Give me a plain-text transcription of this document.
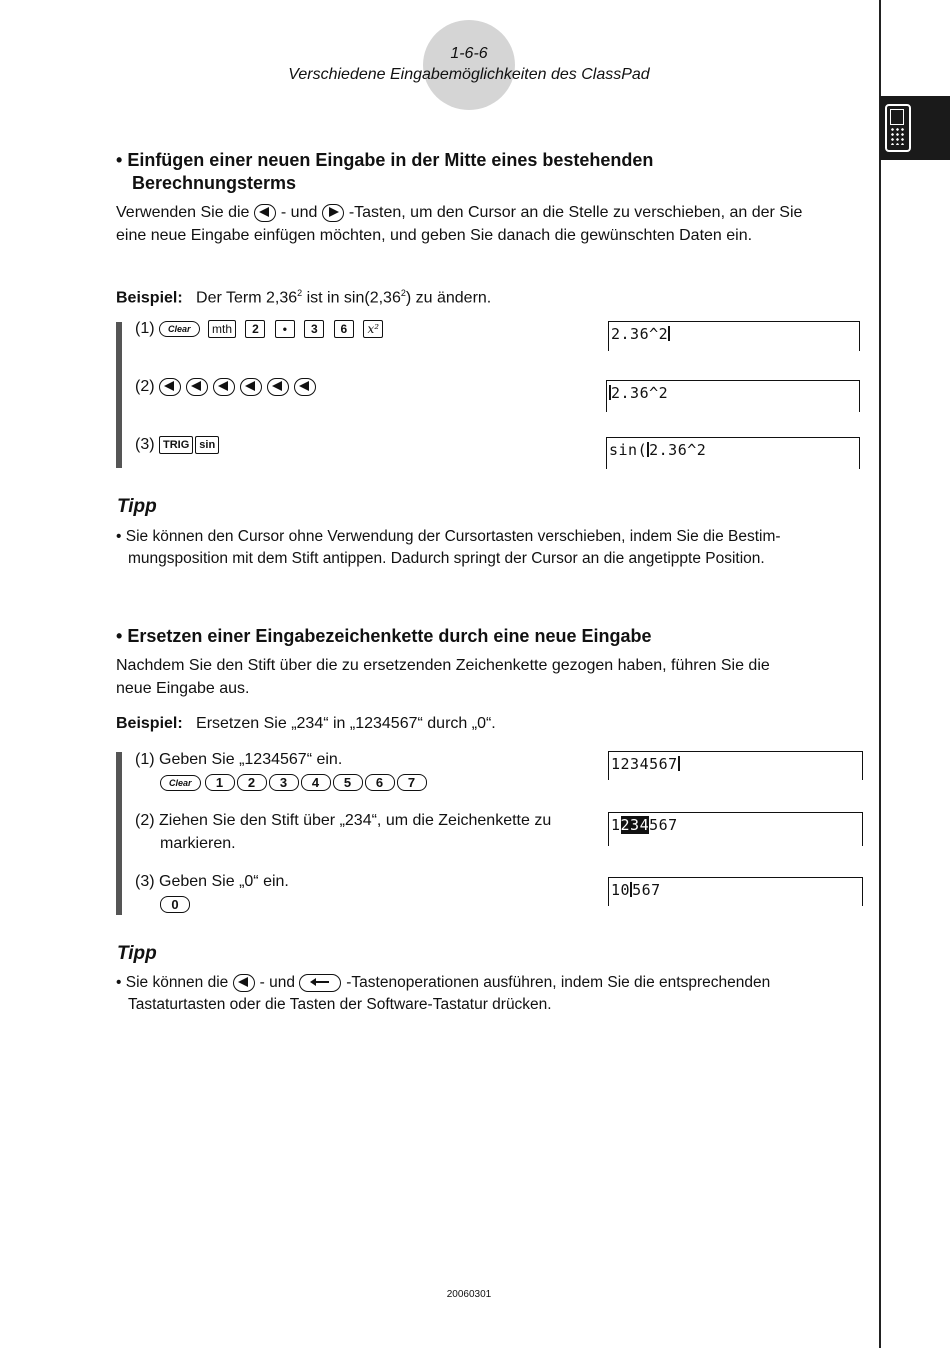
1-6-6
Verschiedene Eingabemöglichkeiten des ClassPad
• Einfügen einer neuen Eingabe in der Mitte eines bestehenden
Berechnungsterms
Verwenden Sie die - und -Tasten, um den Cursor an die Stelle zu verschieben, an der Sie
eine neue Eingabe einfügen möchten, und geben Sie danach die gewünschten Daten ein.
Beispiel: Der Term 2,36$^2$ ist in sin(2,36$^2$) zu ändern.
(1) Clear mth 2 • 3 6 𝑥²	2.36^2
(2)	2.36^2
(3) TRIG sin	sin( 2.36^2
Tipp
• Sie können den Cursor ohne Verwendung der Cursortasten verschieben, indem Sie die Bestim-
mungsposition mit dem Stift antippen. Dadurch springt der Cursor an die angetippte Position.
• Ersetzen einer Eingabezeichenkette durch eine neue Eingabe
Nachdem Sie den Stift über die zu ersetzenden Zeichenkette gezogen haben, führen Sie die
neue Eingabe aus.
Beispiel: Ersetzen Sie „234“ in „1234567“ durch „0“.
(1) Geben Sie „1234567“ ein.
Clear 1 2 3 4 5 6 7
1234567
(2) Ziehen Sie den Stift über „234“, um die Zeichenkette zu
markieren.
1234567
(3) Geben Sie „0“ ein.
0
10 567
Tipp
• Sie können die - und	-Tastenoperationen ausführen, indem Sie die entsprechenden
Tastaturtasten oder die Tasten der Software-Tastatur drücken.
20060301
